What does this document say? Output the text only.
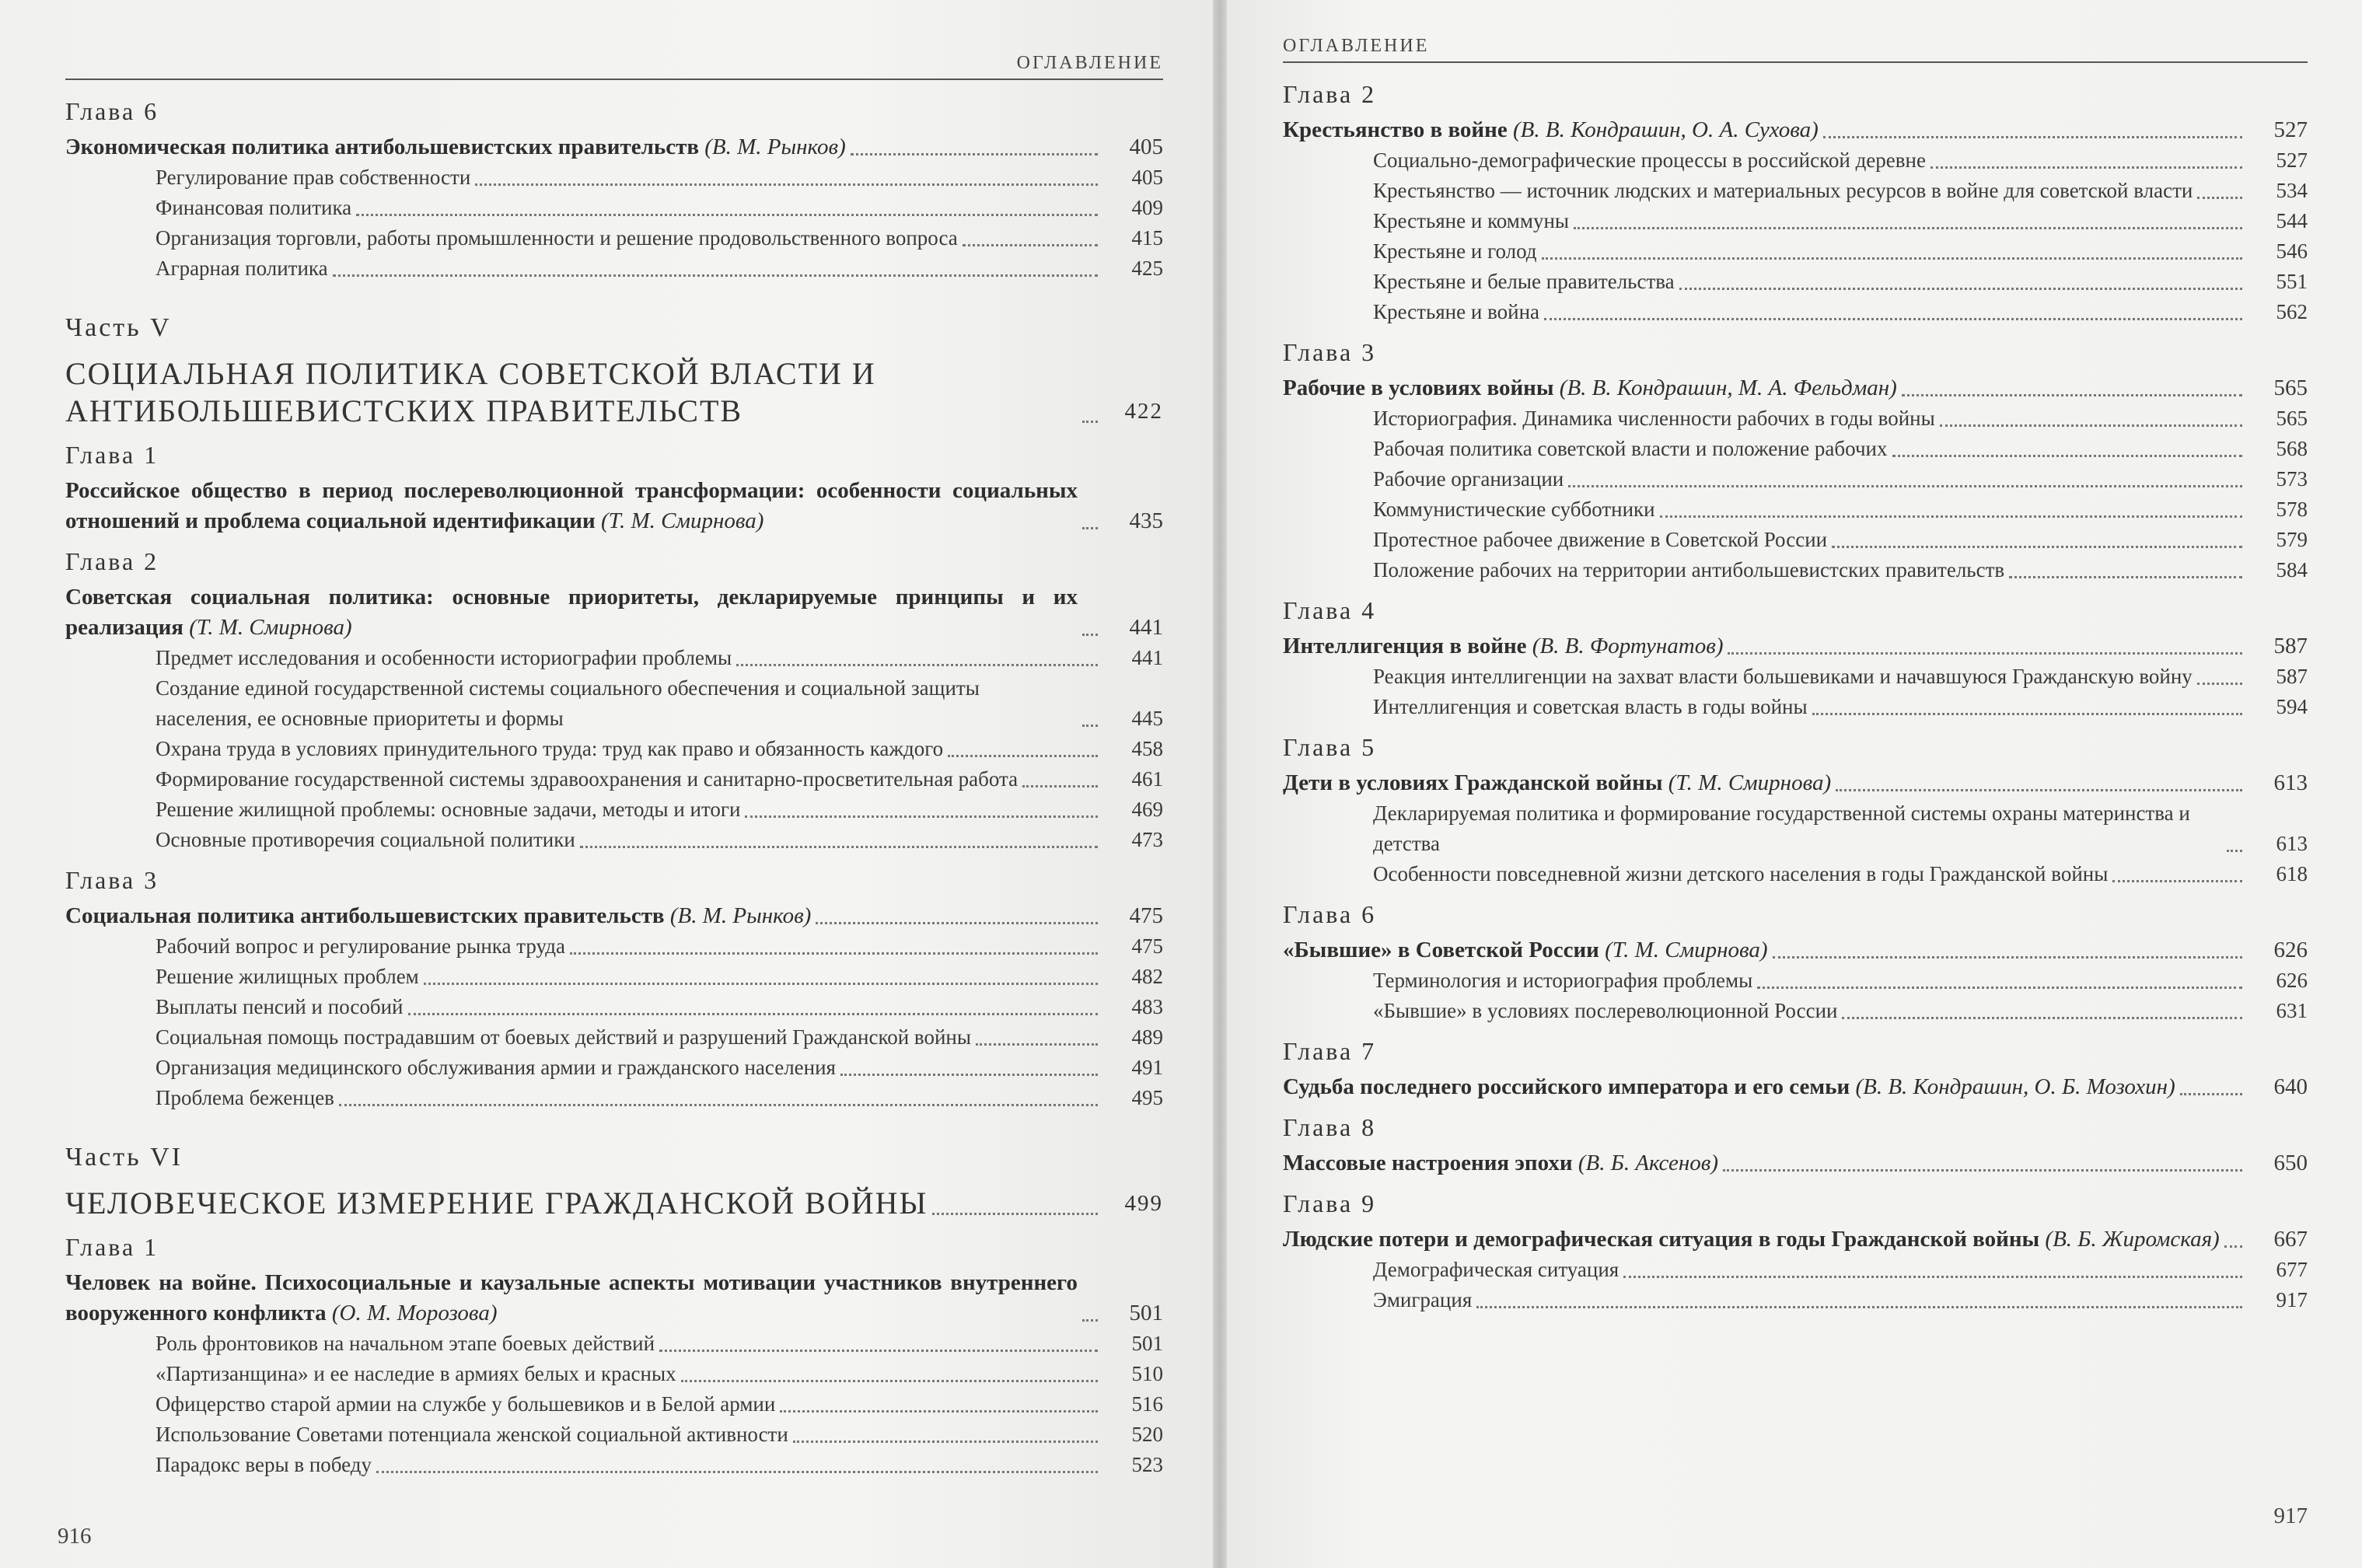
ОГЛАВЛЕНИЕ
Глава 6
Экономическая политика антибольшевистских правительств (В. М. Рынков)	405
Регулирование прав собственности	405
Финансовая политика	409
Организация торговли, работы промышленности и решение продовольственного вопроса	415
Аграрная политика	425
Часть V
СОЦИАЛЬНАЯ ПОЛИТИКА СОВЕТСКОЙ ВЛАСТИ И АНТИБОЛЬШЕВИСТСКИХ ПРАВИТЕЛЬСТВ	422
Глава 1
Российское общество в период послереволюционной трансформации: особенности социальных отношений и проблема социальной идентификации (Т. М. Смирнова)	435
Глава 2
Советская социальная политика: основные приоритеты, декларируемые принципы и их реализация (Т. М. Смирнова)	441
Предмет исследования и особенности историографии проблемы	441
Создание единой государственной системы социального обеспечения и социальной защиты населения, ее основные приоритеты и формы	445
Охрана труда в условиях принудительного труда: труд как право и обязанность каждого	458
Формирование государственной системы здравоохранения и санитарно-просветительная работа	461
Решение жилищной проблемы: основные задачи, методы и итоги	469
Основные противоречия социальной политики	473
Глава 3
Социальная политика антибольшевистских правительств (В. М. Рынков)	475
Рабочий вопрос и регулирование рынка труда	475
Решение жилищных проблем	482
Выплаты пенсий и пособий	483
Социальная помощь пострадавшим от боевых действий и разрушений Гражданской войны	489
Организация медицинского обслуживания армии и гражданского населения	491
Проблема беженцев	495
Часть VI
ЧЕЛОВЕЧЕСКОЕ ИЗМЕРЕНИЕ ГРАЖДАНСКОЙ ВОЙНЫ	499
Глава 1
Человек на войне. Психосоциальные и каузальные аспекты мотивации участников внутреннего вооруженного конфликта (О. М. Морозова)	501
Роль фронтовиков на начальном этапе боевых действий	501
«Партизанщина» и ее наследие в армиях белых и красных	510
Офицерство старой армии на службе у большевиков и в Белой армии	516
Использование Советами потенциала женской социальной активности	520
Парадокс веры в победу	523
916
ОГЛАВЛЕНИЕ
Глава 2
Крестьянство в войне (В. В. Кондрашин, О. А. Сухова)	527
Социально-демографические процессы в российской деревне	527
Крестьянство — источник людских и материальных ресурсов в войне для советской власти	534
Крестьяне и коммуны	544
Крестьяне и голод	546
Крестьяне и белые правительства	551
Крестьяне и война	562
Глава 3
Рабочие в условиях войны (В. В. Кондрашин, М. А. Фельдман)	565
Историография. Динамика численности рабочих в годы войны	565
Рабочая политика советской власти и положение рабочих	568
Рабочие организации	573
Коммунистические субботники	578
Протестное рабочее движение в Советской России	579
Положение рабочих на территории антибольшевистских правительств	584
Глава 4
Интеллигенция в войне (В. В. Фортунатов)	587
Реакция интеллигенции на захват власти большевиками и начавшуюся Гражданскую войну	587
Интеллигенция и советская власть в годы войны	594
Глава 5
Дети в условиях Гражданской войны (Т. М. Смирнова)	613
Декларируемая политика и формирование государственной системы охраны материнства и детства	613
Особенности повседневной жизни детского населения в годы Гражданской войны	618
Глава 6
«Бывшие» в Советской России (Т. М. Смирнова)	626
Терминология и историография проблемы	626
«Бывшие» в условиях послереволюционной России	631
Глава 7
Судьба последнего российского императора и его семьи (В. В. Кондрашин, О. Б. Мозохин)	640
Глава 8
Массовые настроения эпохи (В. Б. Аксенов)	650
Глава 9
Людские потери и демографическая ситуация в годы Гражданской войны (В. Б. Жиромская)	667
Демографическая ситуация	677
Эмиграция	917
917
